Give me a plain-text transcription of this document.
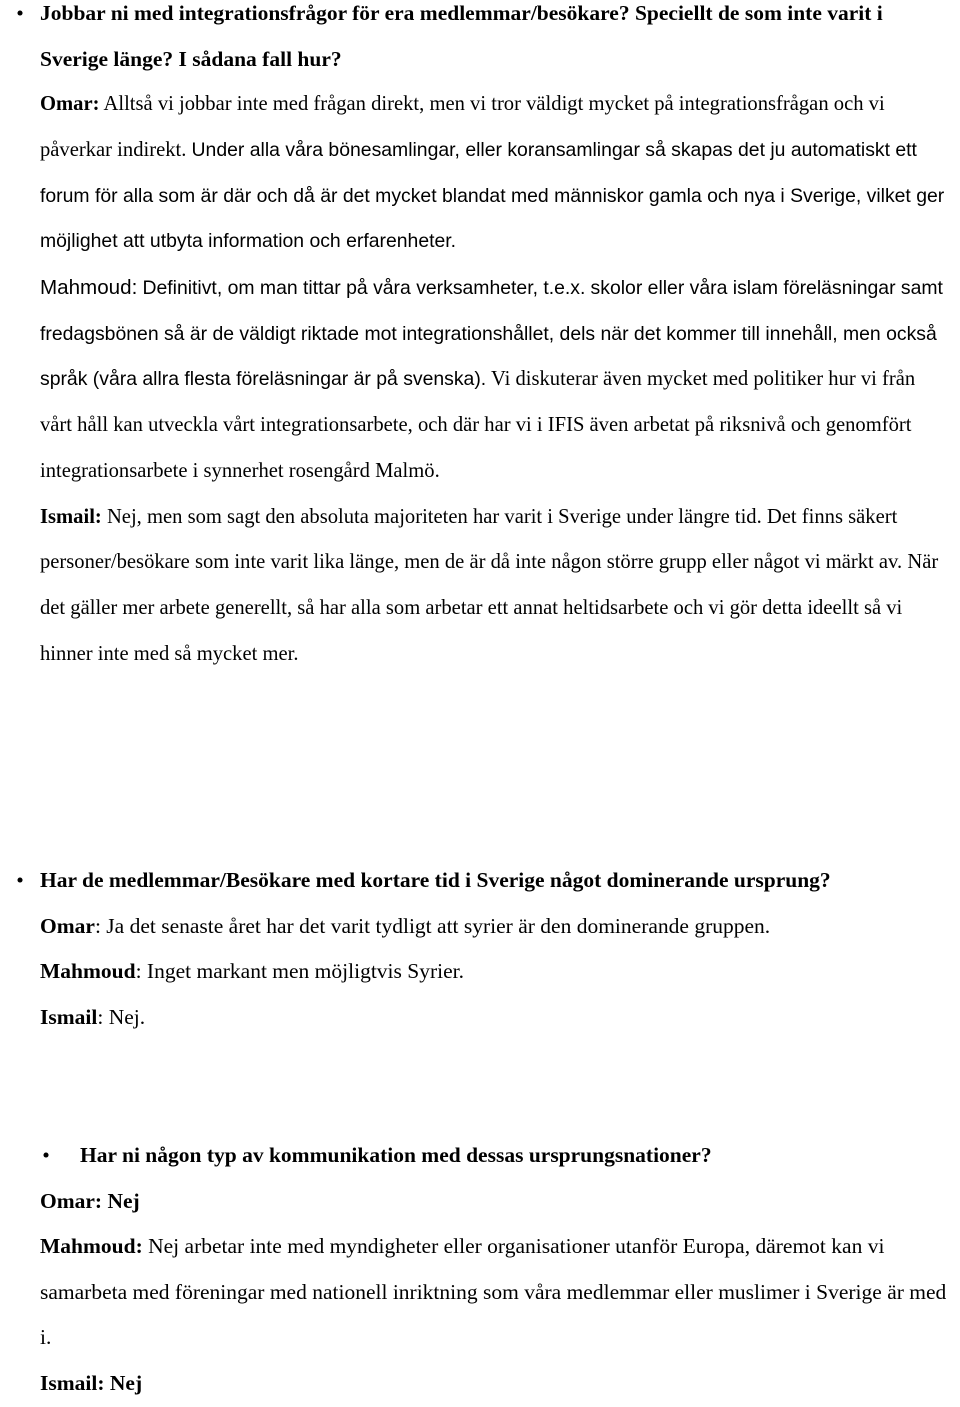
• Jobbar ni med integrationsfrågor för era medlemmar/besökare? Speciellt de som inte varit i Sverige länge? I sådana fall hur?
Omar: Alltså vi jobbar inte med frågan direkt, men vi tror väldigt mycket på integrationsfrågan och vi påverkar indirekt. Under alla våra bönesamlingar, eller koransamlingar så skapas det ju automatiskt ett forum för alla som är där och då är det mycket blandat med människor gamla och nya i Sverige, vilket ger möjlighet att utbyta information och erfarenheter.
Mahmoud: Definitivt, om man tittar på våra verksamheter, t.e.x. skolor eller våra islam föreläsningar samt fredagsbönen så är de väldigt riktade mot integrationshållet, dels när det kommer till innehåll, men också språk (våra allra flesta föreläsningar är på svenska). Vi diskuterar även mycket med politiker hur vi från vårt håll kan utveckla vårt integrationsarbete, och där har vi i IFIS även arbetat på riksnivå och genomfört integrationsarbete i synnerhet rosengård Malmö.
Ismail: Nej, men som sagt den absoluta majoriteten har varit i Sverige under längre tid. Det finns säkert personer/besökare som inte varit lika länge, men de är då inte någon större grupp eller något vi märkt av. När det gäller mer arbete generellt, så har alla som arbetar ett annat heltidsarbete och vi gör detta ideellt så vi hinner inte med så mycket mer.
• Har de medlemmar/Besökare med kortare tid i Sverige något dominerande ursprung?
Omar: Ja det senaste året har det varit tydligt att syrier är den dominerande gruppen.
Mahmoud: Inget markant men möjligtvis Syrier.
Ismail: Nej.
•	Har ni någon typ av kommunikation med dessas ursprungsnationer?
Omar: Nej
Mahmoud: Nej arbetar inte med myndigheter eller organisationer utanför Europa, däremot kan vi samarbeta med föreningar med nationell inriktning som våra medlemmar eller muslimer i Sverige är med i.
Ismail: Nej
